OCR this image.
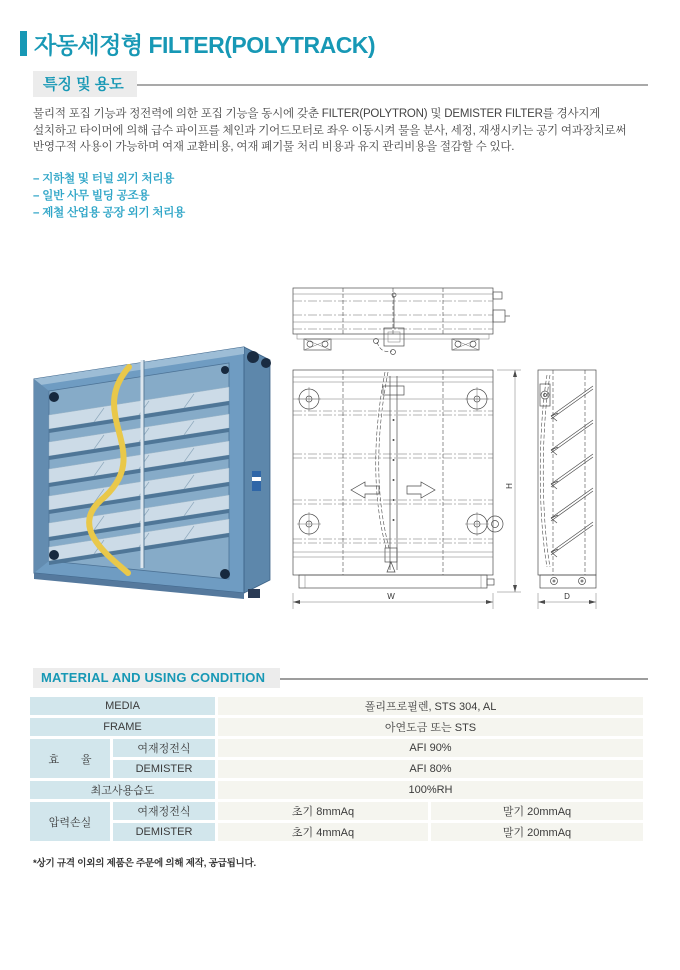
자동세정형 FILTER(POLYTRACK)
특징 및 용도
물리적 포집 기능과 정전력에 의한 포집 기능을 동시에 갖춘 FILTER(POLYTRON) 및 DEMISTER FILTER를 경사지게
설치하고 타이머에 의해 급수 파이프를 체인과 기어드모터로 좌우 이동시켜 물을 분사, 세정, 재생시키는 공기 여과장치로써
반영구적 사용이 가능하며 여재 교환비용, 여재 폐기물 처리 비용과 유지 관리비용을 절감할 수 있다.
– 지하철 및 터널 외기 처리용
– 일반 사무 빌딩 공조용
– 제철 산업용 공장 외기 처리용
W
H
D
MATERIAL AND USING CONDITION
MEDIA		폴리프로필렌, STS 304, AL	
FRAME		아연도금 또는 STS	
효 율	여재정전식	AFI 90%	
	DEMISTER	AFI 80%	
최고사용습도		100%RH	
압력손실	여재정전식	초기 8mmAq	말기 20mmAq
	DEMISTER	초기 4mmAq	말기 20mmAq
*상기 규격 이외의 제품은 주문에 의해 제작, 공급됩니다.
